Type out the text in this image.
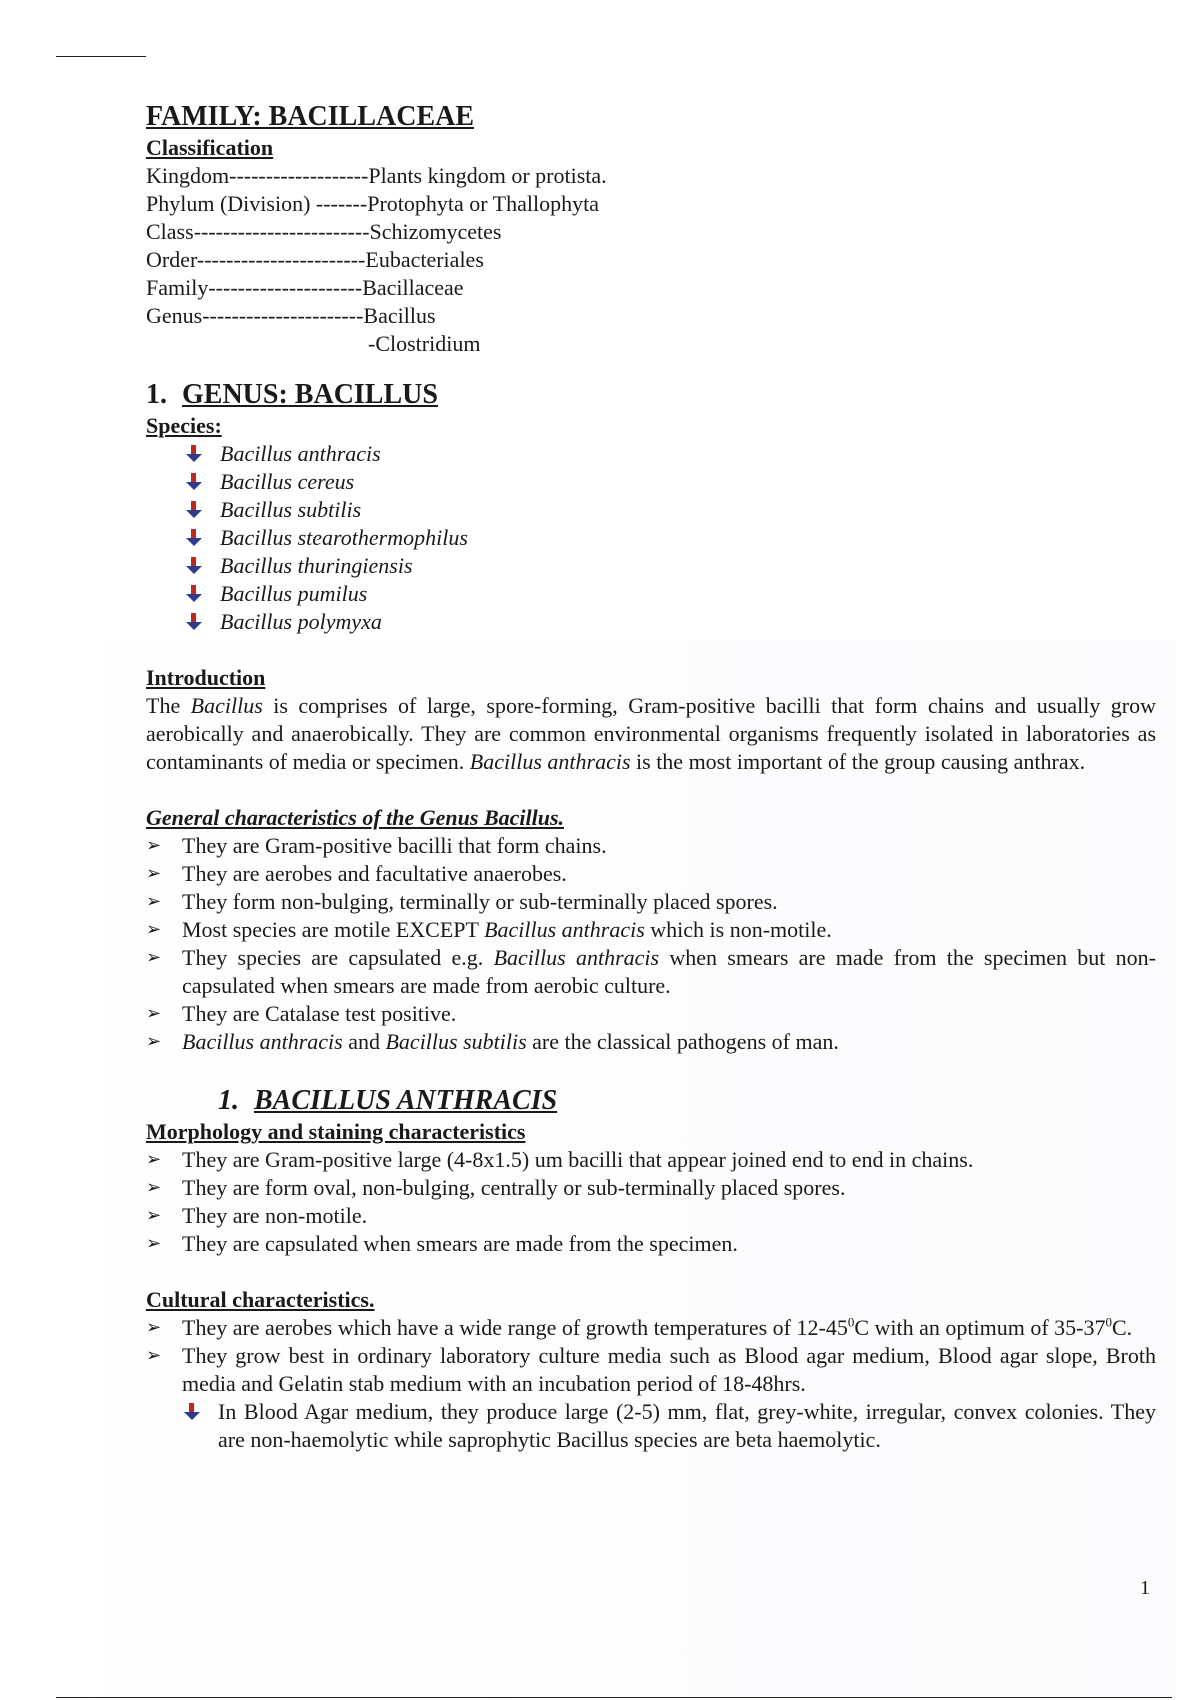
FAMILY: BACILLACEAE
Classification
Kingdom-------------------Plants kingdom or protista.
Phylum (Division) -------Protophyta or Thallophyta
Class------------------------Schizomycetes
Order-----------------------Eubacteriales
Family---------------------Bacillaceae
Genus----------------------Bacillus
-Clostridium
1. GENUS: BACILLUS
Species:
Bacillus anthracis
Bacillus cereus
Bacillus subtilis
Bacillus stearothermophilus
Bacillus thuringiensis
Bacillus pumilus
Bacillus polymyxa
Introduction

The Bacillus is comprises of large, spore-forming, Gram-positive bacilli that form chains and usually grow aerobically and anaerobically. They are common environmental organisms frequently isolated in laboratories as contaminants of media or specimen. Bacillus anthracis is the most important of the group causing anthrax.

General characteristics of the Genus Bacillus.
➢ They are Gram-positive bacilli that form chains.
➢ They are aerobes and facultative anaerobes.
➢ They form non-bulging, terminally or sub-terminally placed spores.
➢ Most species are motile EXCEPT Bacillus anthracis which is non-motile.
➢ They species are capsulated e.g. Bacillus anthracis when smears are made from the specimen but non-capsulated when smears are made from aerobic culture.
➢ They are Catalase test positive.
➢ Bacillus anthracis and Bacillus subtilis are the classical pathogens of man.
1. BACILLUS ANTHRACIS
Morphology and staining characteristics
➢ They are Gram-positive large (4-8x1.5) um bacilli that appear joined end to end in chains.
➢ They are form oval, non-bulging, centrally or sub-terminally placed spores.
➢ They are non-motile.
➢ They are capsulated when smears are made from the specimen.
Cultural characteristics.
➢ They are aerobes which have a wide range of growth temperatures of $12-45^0C$ with an optimum of $35-37^0C$.
➢ They grow best in ordinary laboratory culture media such as Blood agar medium, Blood agar slope, Broth media and Gelatin stab medium with an incubation period of 18-48hrs.
In Blood Agar medium, they produce large (2-5) mm, flat, grey-white, irregular, convex colonies. They are non-haemolytic while saprophytic Bacillus species are beta haemolytic.
1
